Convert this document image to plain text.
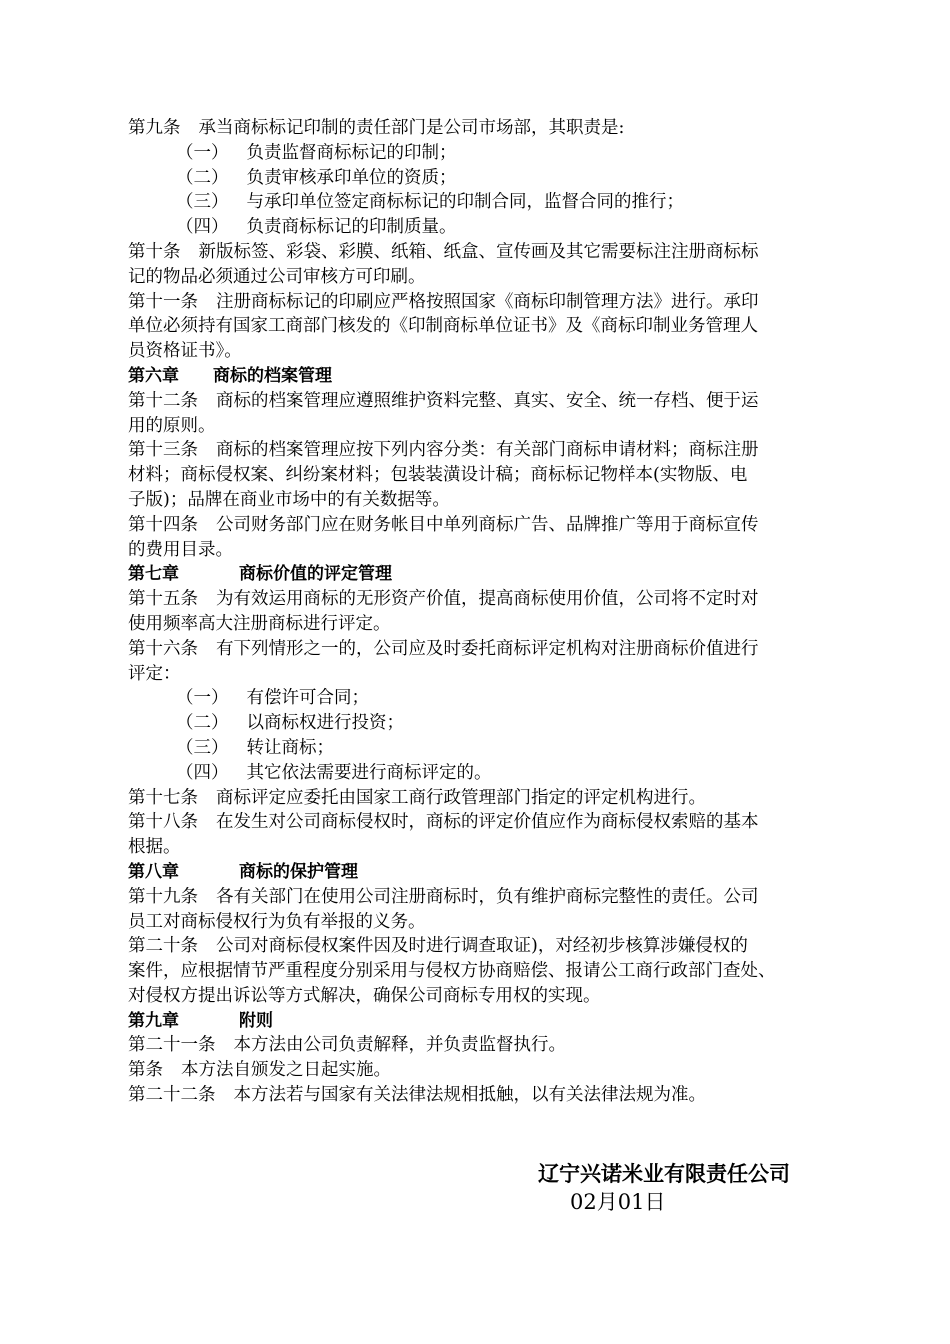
第九条 承当商标标记印制的责任部门是公司市场部，其职责是:
（一） 负责监督商标标记的印制；
（二） 负责审核承印单位的资质；
（三） 与承印单位签定商标标记的印制合同，监督合同的推行；
（四） 负责商标标记的印制质量。
第十条 新版标签、彩袋、彩膜、纸箱、纸盒、宣传画及其它需要标注注册商标标
记的物品必须通过公司审核方可印刷。
第十一条 注册商标标记的印刷应严格按照国家《商标印制管理方法》进行。承印
单位必须持有国家工商部门核发的《印制商标单位证书》及《商标印制业务管理人
员资格证书》。
第六章 商标的档案管理
第十二条 商标的档案管理应遵照维护资料完整、真实、安全、统一存档、便于运
用的原则。
第十三条 商标的档案管理应按下列内容分类：有关部门商标申请材料；商标注册
材料；商标侵权案、纠纷案材料；包装装潢设计稿；商标标记物样本(实物版、电
子版)；品牌在商业市场中的有关数据等。
第十四条 公司财务部门应在财务帐目中单列商标广告、品牌推广等用于商标宣传
的费用目录。
第七章	商标价值的评定管理
第十五条 为有效运用商标的无形资产价值，提高商标使用价值，公司将不定时对
使用频率高大注册商标进行评定。
第十六条 有下列情形之一的，公司应及时委托商标评定机构对注册商标价值进行
评定：
（一） 有偿许可合同；
（二） 以商标权进行投资；
（三） 转让商标；
（四） 其它依法需要进行商标评定的。
第十七条 商标评定应委托由国家工商行政管理部门指定的评定机构进行。
第十八条 在发生对公司商标侵权时，商标的评定价值应作为商标侵权索赔的基本
根据。
第八章	商标的保护管理
第十九条 各有关部门在使用公司注册商标时，负有维护商标完整性的责任。公司
员工对商标侵权行为负有举报的义务。
第二十条 公司对商标侵权案件因及时进行调查取证)，对经初步核算涉嫌侵权的
案件，应根据情节严重程度分别采用与侵权方协商赔偿、报请公工商行政部门查处、
对侵权方提出诉讼等方式解决，确保公司商标专用权的实现。
第九章	附则
第二十一条 本方法由公司负责解释，并负责监督执行。
第条 本方法自颁发之日起实施。
第二十二条 本方法若与国家有关法律法规相抵触，以有关法律法规为准。
辽宁兴诺米业有限责任公司
02月01日
